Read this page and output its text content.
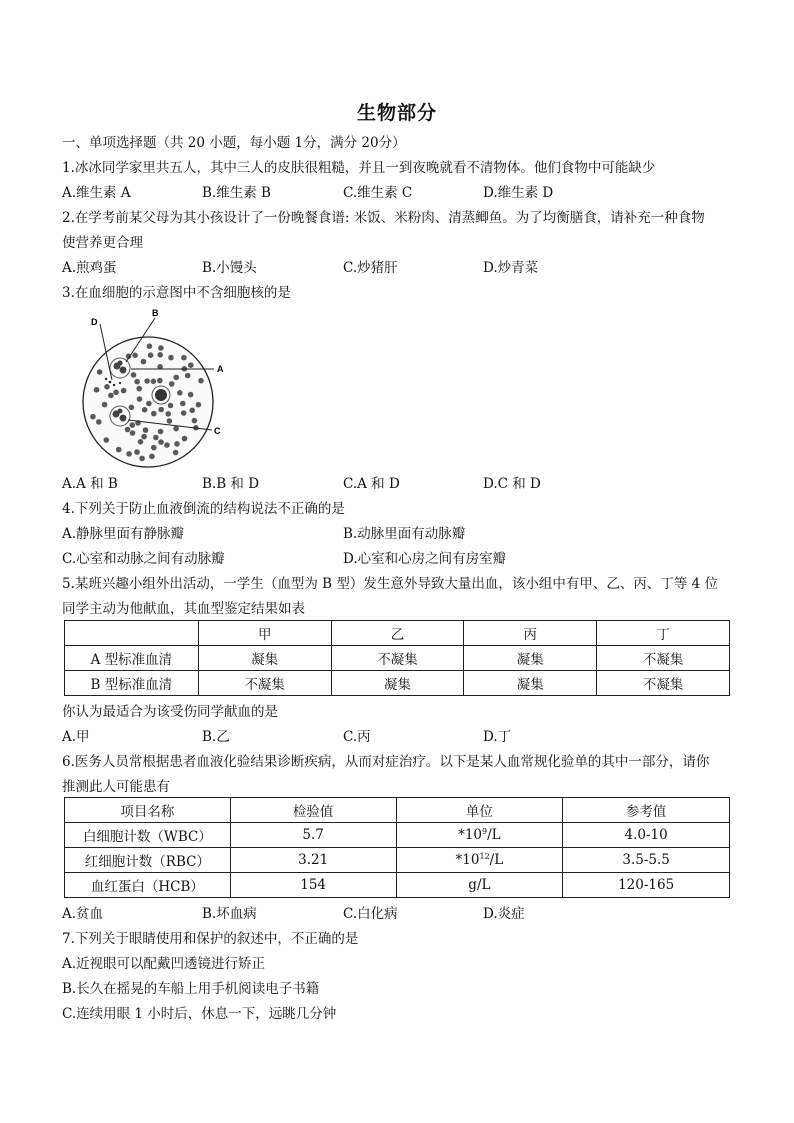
生物部分
一、单项选择题（共 20 小题，每小题 1分，满分 20分）
1.冰冰同学家里共五人，其中三人的皮肤很粗糙，并且一到夜晚就看不清物体。他们食物中可能缺少
A.维生素 A	B.维生素 B	C.维生素 C	D.维生素 D
2.在学考前某父母为其小孩设计了一份晚餐食谱: 米饭、米粉肉、清蒸鲫鱼。为了均衡膳食，请补充一种食物
使营养更合理
A.煎鸡蛋	B.小馒头	C.炒猪肝	D.炒青菜
3.在血细胞的示意图中不含细胞核的是
D
B
A
C
A.A 和 B	B.B 和 D	C.A 和 D	D.C 和 D
4.下列关于防止血液倒流的结构说法不正确的是
A.静脉里面有静脉瓣	B.动脉里面有动脉瓣
C.心室和动脉之间有动脉瓣	D.心室和心房之间有房室瓣
5.某班兴趣小组外出活动，一学生（血型为 B 型）发生意外导致大量出血，该小组中有甲、乙、丙、丁等 4 位
同学主动为他献血，其血型鉴定结果如表
	甲	乙	丙	丁
A 型标准血清	凝集	不凝集	凝集	不凝集
B 型标准血清	不凝集	凝集	凝集	不凝集
你认为最适合为该受伤同学献血的是
A.甲	B.乙	C.丙	D.丁
6.医务人员常根据患者血液化验结果诊断疾病，从而对症治疗。以下是某人血常规化验单的其中一部分，请你
推测此人可能患有
项目名称	检验值	单位	参考值
白细胞计数（WBC）	5.7	$*10^9/L$	4.0-10
红细胞计数（RBC）	3.21	$*10^{12}/L$	3.5-5.5
血红蛋白（HCB）	154	g/L	120-165
A.贫血	B.坏血病	C.白化病	D.炎症
7.下列关于眼睛使用和保护的叙述中，不正确的是
A.近视眼可以配戴凹透镜进行矫正
B.长久在摇晃的车船上用手机阅读电子书籍
C.连续用眼 1 小时后，休息一下，远眺几分钟
